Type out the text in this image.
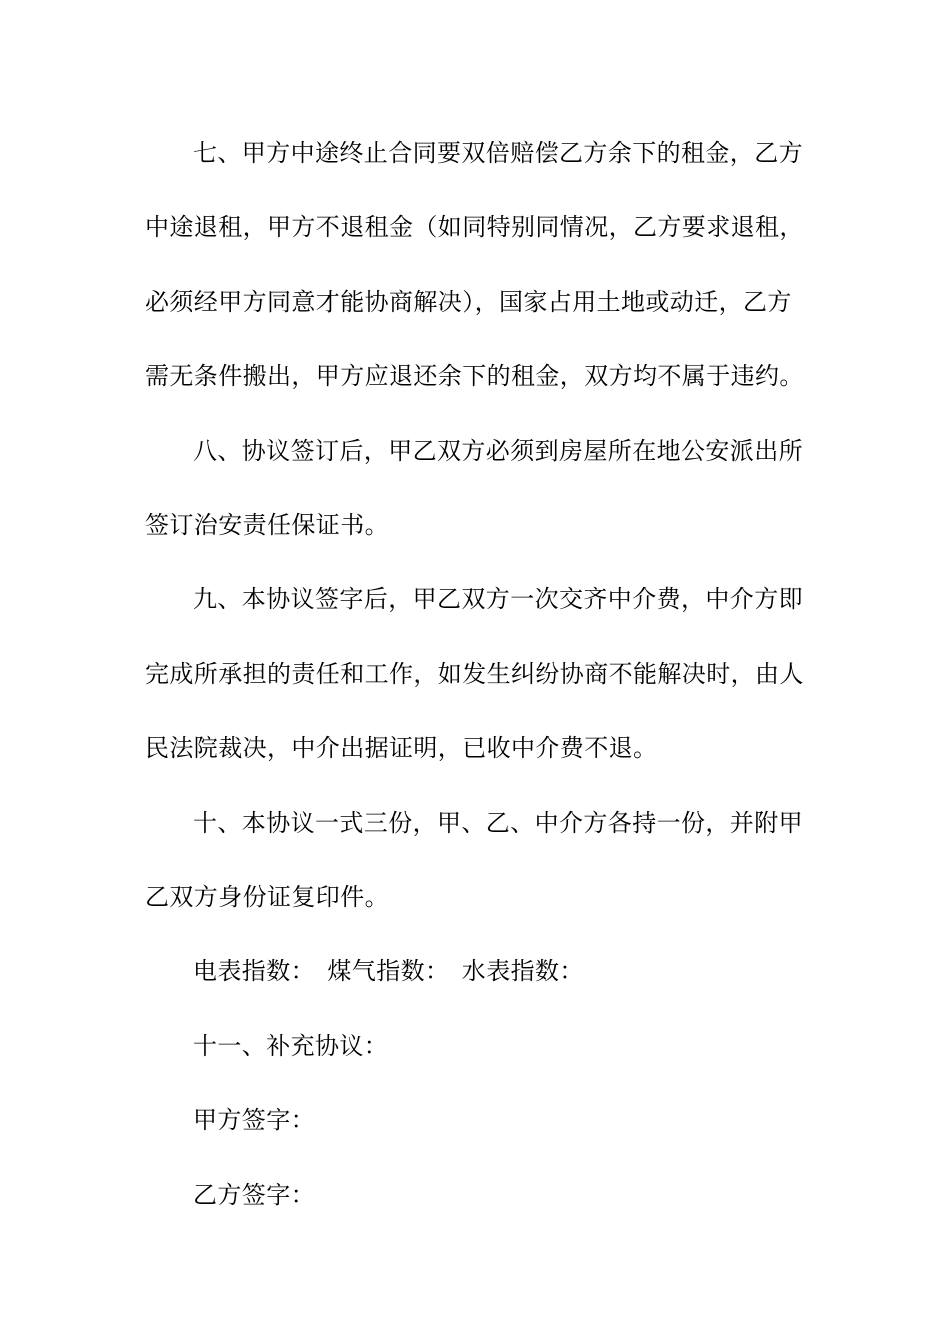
七、甲方中途终止合同要双倍赔偿乙方余下的租金，乙方
中途退租，甲方不退租金（如同特别同情况，乙方要求退租，
必须经甲方同意才能协商解决），国家占用土地或动迁，乙方
需无条件搬出，甲方应退还余下的租金，双方均不属于违约。
八、协议签订后，甲乙双方必须到房屋所在地公安派出所
签订治安责任保证书。
九、本协议签字后，甲乙双方一次交齐中介费，中介方即
完成所承担的责任和工作，如发生纠纷协商不能解决时，由人
民法院裁决，中介出据证明，已收中介费不退。
十、本协议一式三份，甲、乙、中介方各持一份，并附甲
乙双方身份证复印件。
电表指数：　煤气指数：　水表指数：
十一、补充协议：
甲方签字：
乙方签字：
